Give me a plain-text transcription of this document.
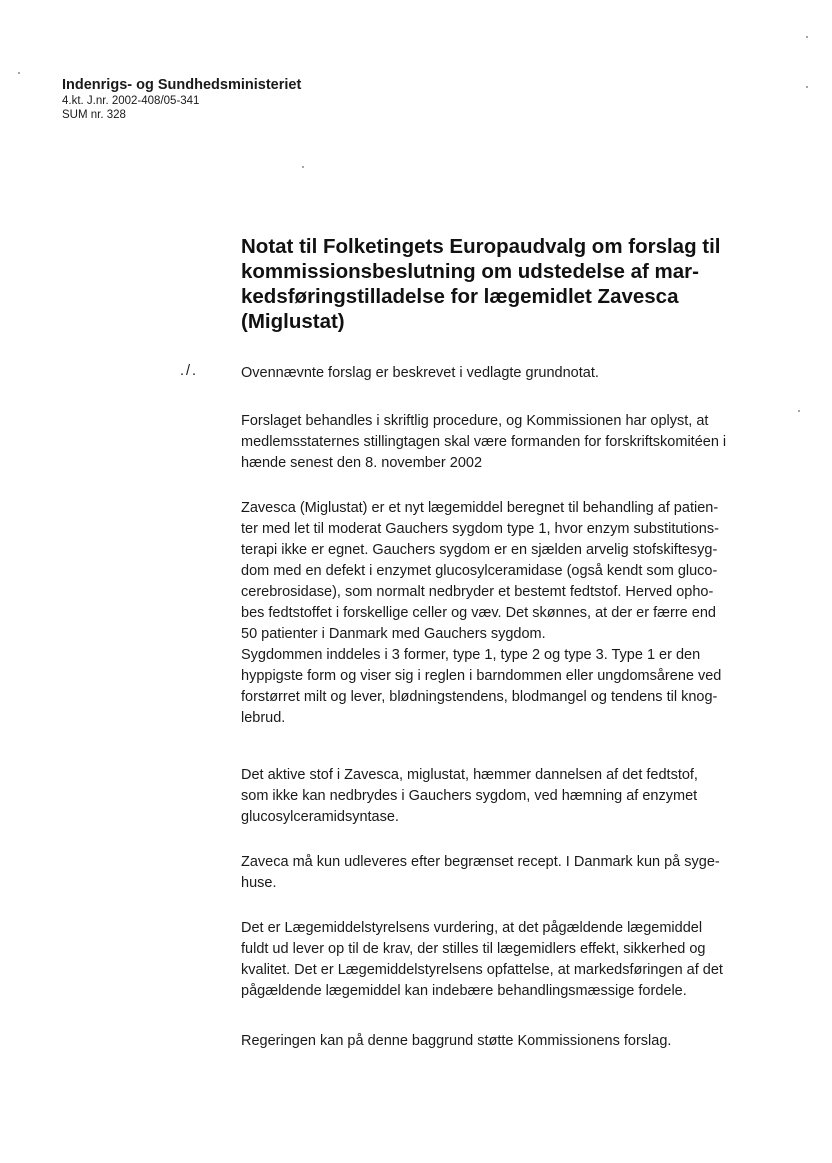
Indenrigs- og Sundhedsministeriet

4.kt. J.nr. 2002-408/05-341

SUM nr. 328

Notat til Folketingets Europaudvalg om forslag til
kommissionsbeslutning om udstedelse af mar-
kedsføringstilladelse for lægemidlet Zavesca
(Miglustat)
./.	Ovennævnte forslag er beskrevet i vedlagte grundnotat.

Forslaget behandles i skriftlig procedure, og Kommissionen har oplyst, at
medlemsstaternes stillingtagen skal være formanden for forskriftskomitéen i
hænde senest den 8. november 2002

Zavesca (Miglustat) er et nyt lægemiddel beregnet til behandling af patien-
ter med let til moderat Gauchers sygdom type 1, hvor enzym substitutions-
terapi ikke er egnet. Gauchers sygdom er en sjælden arvelig stofskiftesyg-
dom med en defekt i enzymet glucosylceramidase (også kendt som gluco-
cerebrosidase), som normalt nedbryder et bestemt fedtstof. Herved opho-
bes fedtstoffet i forskellige celler og væv. Det skønnes, at der er færre end
50 patienter i Danmark med Gauchers sygdom.
Sygdommen inddeles i 3 former, type 1, type 2 og type 3. Type 1 er den
hyppigste form og viser sig i reglen i barndommen eller ungdomsårene ved
forstørret milt og lever, blødningstendens, blodmangel og tendens til knog-
lebrud.

Det aktive stof i Zavesca, miglustat, hæmmer dannelsen af det fedtstof,
som ikke kan nedbrydes i Gauchers sygdom, ved hæmning af enzymet
glucosylceramidsyntase.

Zaveca må kun udleveres efter begrænset recept. I Danmark kun på syge-
huse.

Det er Lægemiddelstyrelsens vurdering, at det pågældende lægemiddel
fuldt ud lever op til de krav, der stilles til lægemidlers effekt, sikkerhed og
kvalitet. Det er Lægemiddelstyrelsens opfattelse, at markedsføringen af det
pågældende lægemiddel kan indebære behandlingsmæssige fordele.

Regeringen kan på denne baggrund støtte Kommissionens forslag.
